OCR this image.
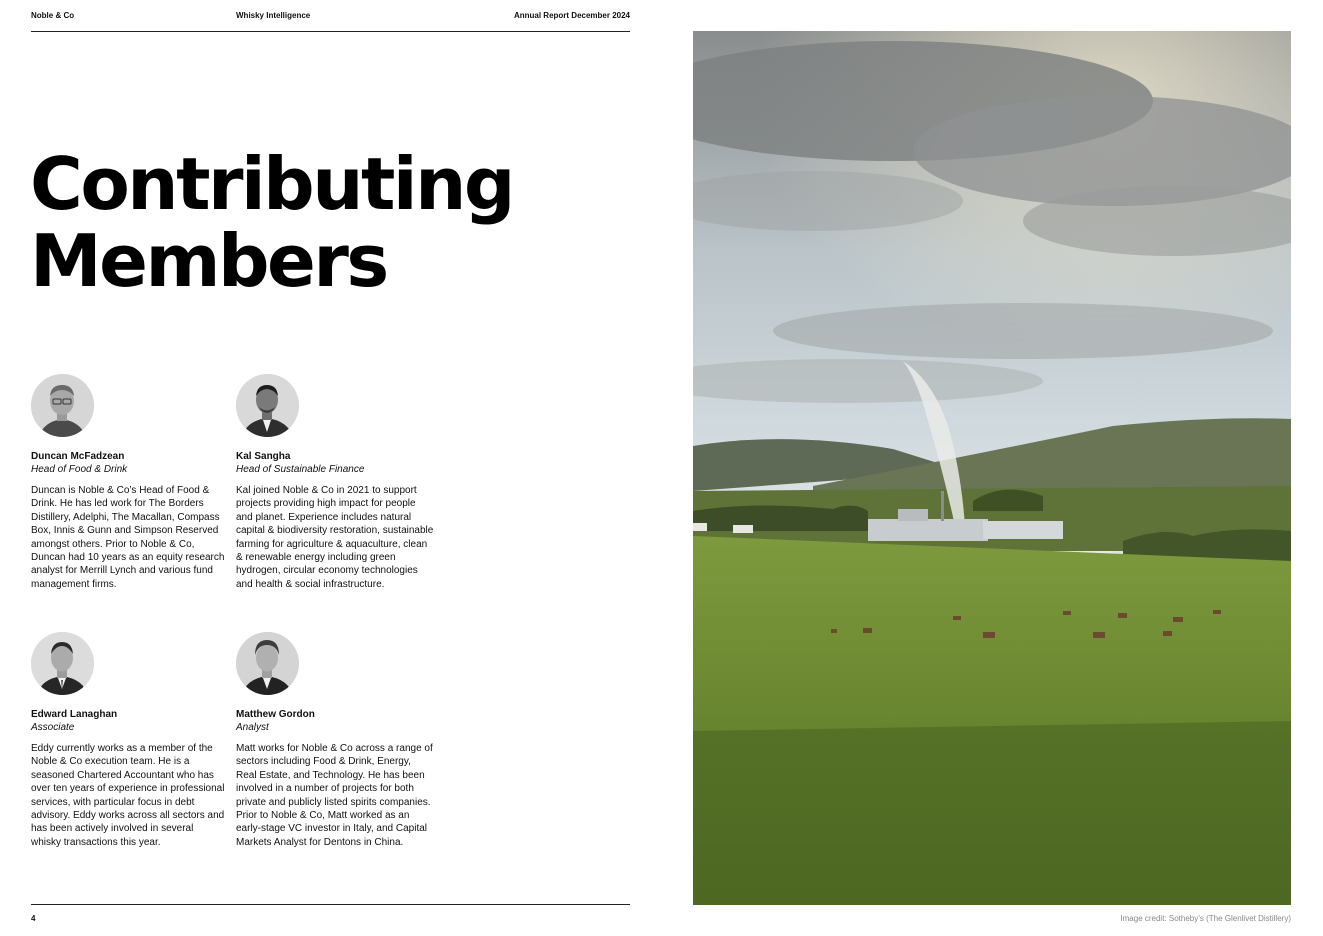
Noble & Co	Whisky Intelligence	Annual Report December 2024
Contributing
Members
Duncan McFadzean
Head of Food & Drink
Duncan is Noble & Co’s Head of Food & Drink. He has led work for The Borders Distillery, Adelphi, The Macallan, Compass Box, Innis & Gunn and Simpson Reserved amongst others. Prior to Noble & Co, Duncan had 10 years as an equity research analyst for Merrill Lynch and various fund management firms.
Kal Sangha
Head of Sustainable Finance
Kal joined Noble & Co in 2021 to support projects providing high impact for people and planet. Experience includes natural capital & biodiversity restoration, sustainable farming for agriculture & aquaculture, clean & renewable energy including green hydrogen, circular economy technologies and health & social infrastructure.
Edward Lanaghan
Associate
Eddy currently works as a member of the Noble & Co execution team. He is a seasoned Chartered Accountant who has over ten years of experience in professional services, with particular focus in debt advisory. Eddy works across all sectors and has been actively involved in several whisky transactions this year.
Matthew Gordon
Analyst
Matt works for Noble & Co across a range of sectors including Food & Drink, Energy, Real Estate, and Technology. He has been involved in a number of projects for both private and publicly listed spirits companies. Prior to Noble & Co, Matt worked as an early-stage VC investor in Italy, and Capital Markets Analyst for Dentons in China.
4	Image credit: Sotheby’s (The Glenlivet Distillery)
